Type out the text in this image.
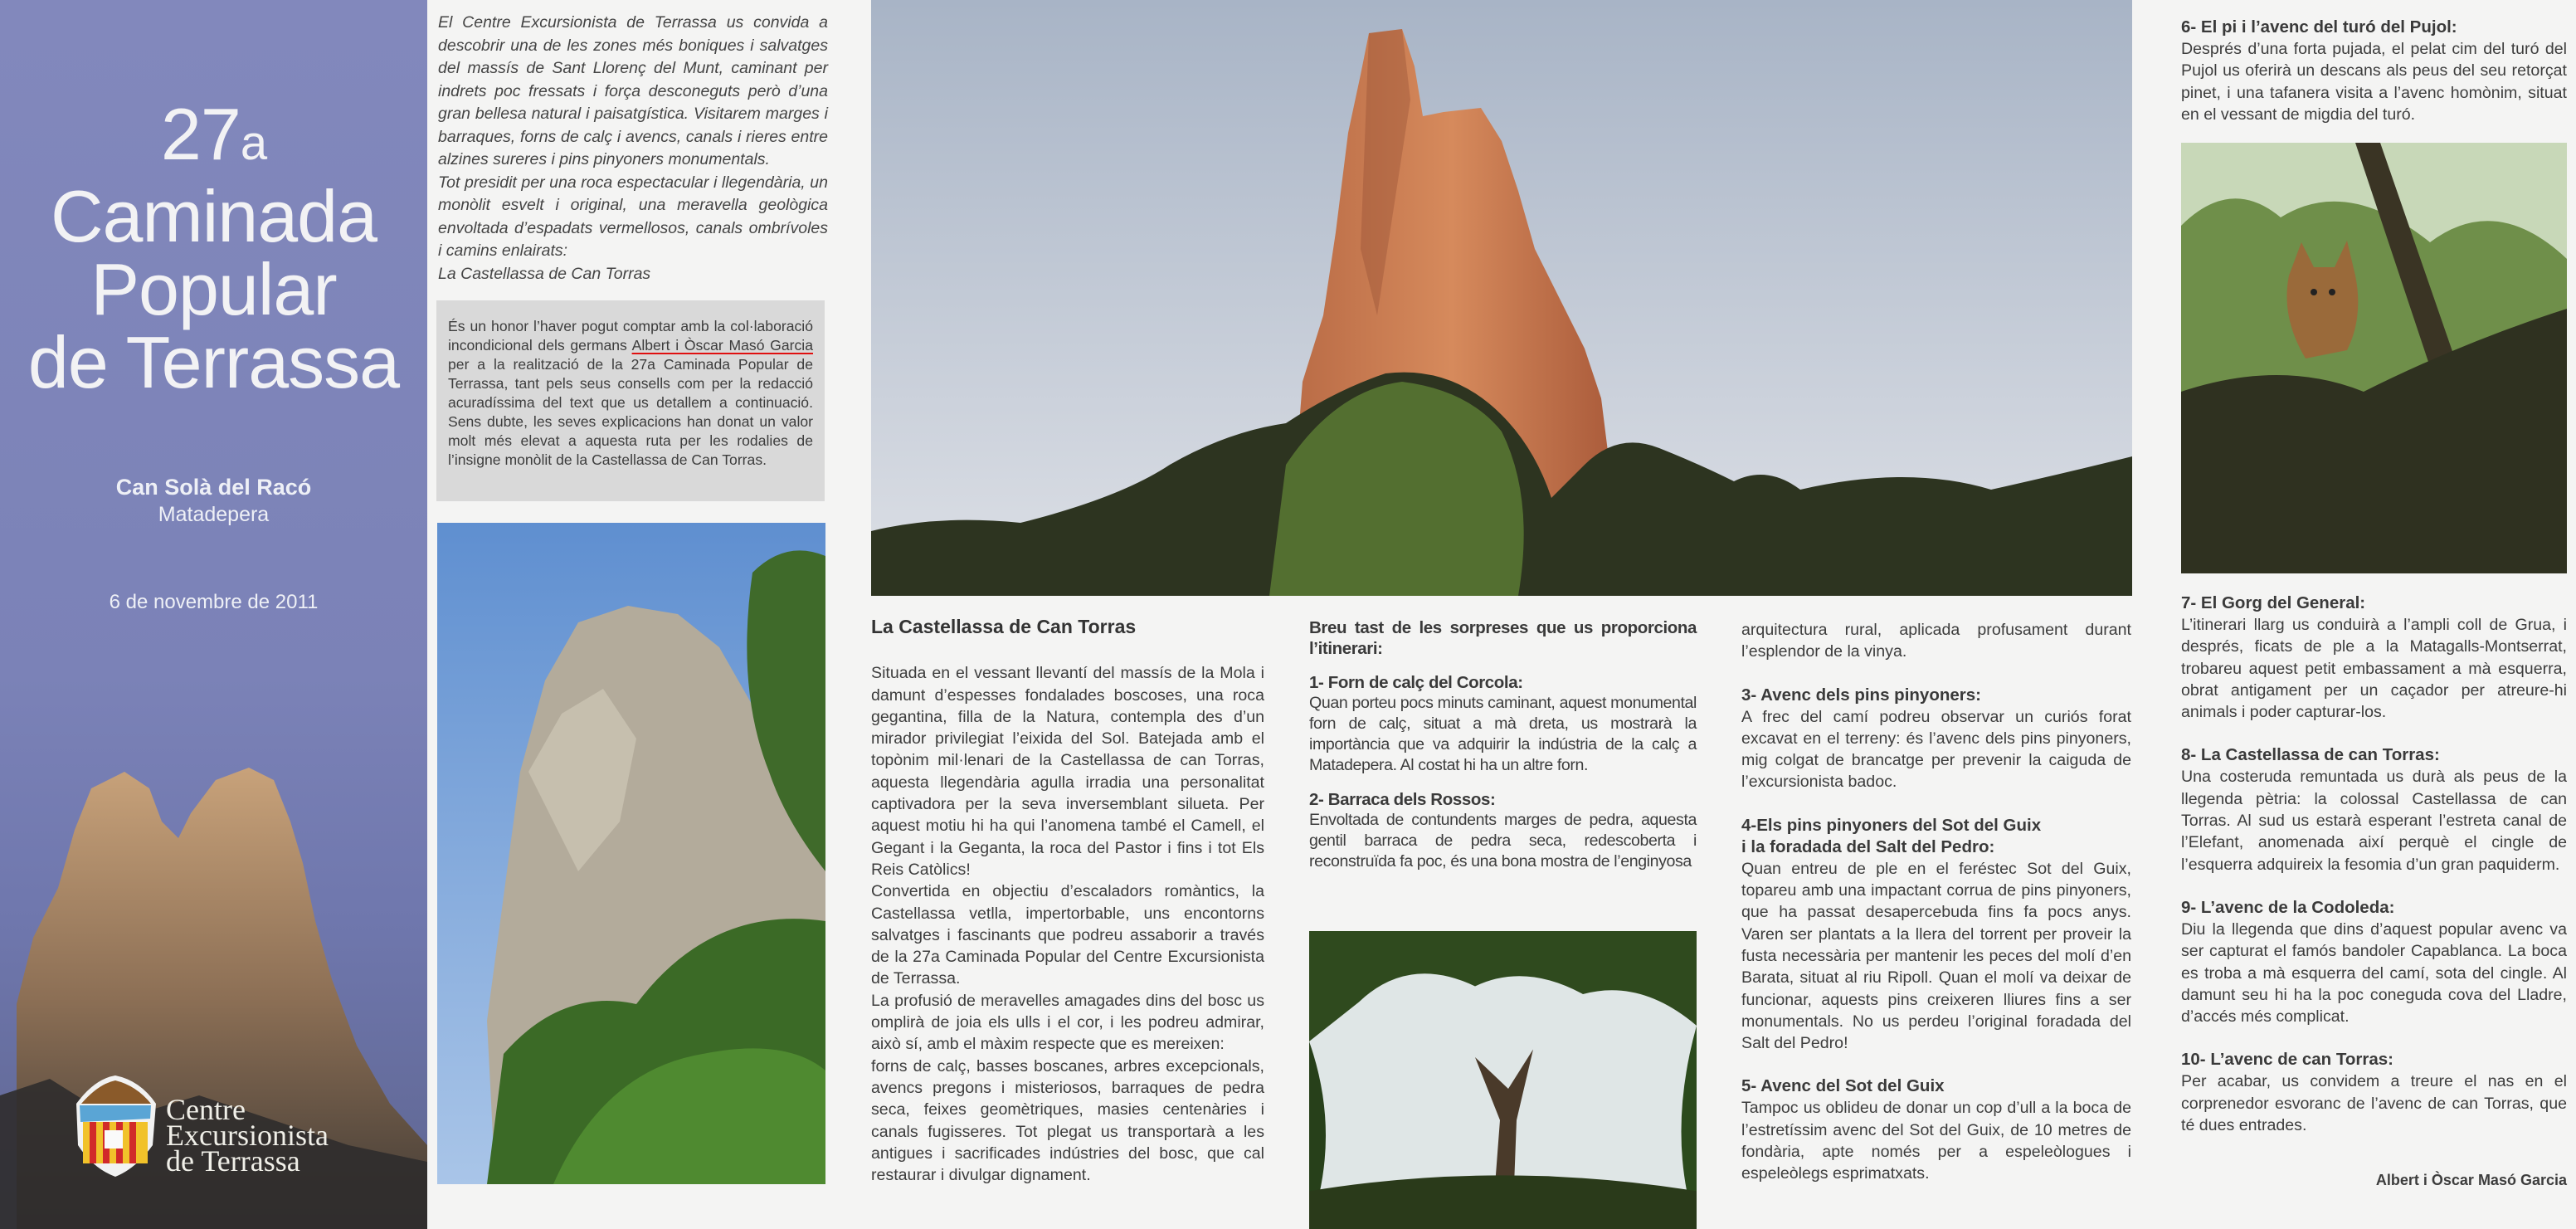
27a
Caminada
Popular
de Terrassa
Can Solà del Racó
Matadepera
6 de novembre de 2011
Centre
Excursionista
de Terrassa

El Centre Excursionista de Terrassa us convida a descobrir una de les zones més boniques i salvatges del massís de Sant Llorenç del Munt, caminant per indrets poc fressats i força desconeguts però d’una gran bellesa natural i paisatgística. Visitarem marges i barraques, forns de calç i avencs, canals i rieres entre alzines sureres i pins pinyoners monumentals.

Tot presidit per una roca espectacular i llegendària, un monòlit esvelt i original, una meravella geològica envoltada d’espadats vermellosos, canals ombrívoles i camins enlairats:

La Castellassa de Can Torras

És un honor l’haver pogut comptar amb la col·laboració incondicional dels germans Albert i Òscar Masó Garcia per a la realització de la 27a Caminada Popular de Terrassa, tant pels seus consells com per la redacció acuradíssima del text que us detallem a continuació. Sens dubte, les seves explicacions han donat un valor molt més elevat a aquesta ruta per les rodalies de l’insigne monòlit de la Castellassa de Can Torras.
La Castellassa de Can Torras

Situada en el vessant llevantí del massís de la Mola i damunt d’espesses fondalades boscoses, una roca gegantina, filla de la Natura, contempla des d’un mirador privilegiat l’eixida del Sol. Batejada amb el topònim mil·lenari de la Castellassa de can Torras, aquesta llegendària agulla irradia una personalitat captivadora per la seva inversemblant silueta. Per aquest motiu hi ha qui l’anomena també el Camell, el Gegant i la Geganta, la roca del Pastor i fins i tot Els Reis Catòlics!

Convertida en objectiu d’escaladors romàntics, la Castellassa vetlla, impertorbable, uns encontorns salvatges i fascinants que podreu assaborir a través de la 27a Caminada Popular del Centre Excursionista de Terrassa.

La profusió de meravelles amagades dins del bosc us omplirà de joia els ulls i el cor, i les podreu admirar, això sí, amb el màxim respecte que es mereixen:

forns de calç, basses boscanes, arbres excepcionals, avencs pregons i misteriosos, barraques de pedra seca, feixes geomètriques, masies centenàries i canals fugisseres. Tot plegat us transportarà a les antigues i sacrificades indústries del bosc, que cal restaurar i divulgar dignament.

Breu tast de les sorpreses que us proporciona l’itinerari:
1- Forn de calç del Corcola:

Quan porteu pocs minuts caminant, aquest monumental forn de calç, situat a mà dreta, us mostrarà la importància que va adquirir la indústria de la calç a Matadepera. Al costat hi ha un altre forn.

2- Barraca dels Rossos:

Envoltada de contundents marges de pedra, aquesta gentil barraca de pedra seca, redescoberta i reconstruïda fa poc, és una bona mostra de l’enginyosa

arquitectura rural, aplicada profusament durant l’esplendor de la vinya.

3- Avenc dels pins pinyoners:

A frec del camí podreu observar un curiós forat excavat en el terreny: és l’avenc dels pins pinyoners, mig colgat de brancatge per prevenir la caiguda de l’excursionista badoc.

4-Els pins pinyoners del Sot del Guix
i la foradada del Salt del Pedro:

Quan entreu de ple en el feréstec Sot del Guix, topareu amb una impactant corrua de pins pinyoners, que ha passat desapercebuda fins fa pocs anys. Varen ser plantats a la llera del torrent per proveir la fusta necessària per mantenir les peces del molí d’en Barata, situat al riu Ripoll. Quan el molí va deixar de funcionar, aquests pins creixeren lliures fins a ser monumentals. No us perdeu l’original foradada del Salt del Pedro!

5- Avenc del Sot del Guix

Tampoc us oblideu de donar un cop d’ull a la boca de l’estretíssim avenc del Sot del Guix, de 10 metres de fondària, apte només per a espeleòlogues i espeleòlegs esprimatxats.

6- El pi i l’avenc del turó del Pujol:

Després d’una forta pujada, el pelat cim del turó del Pujol us oferirà un descans als peus del seu retorçat pinet, i una tafanera visita a l’avenc homònim, situat en el vessant de migdia del turó.

7- El Gorg del General:

L’itinerari llarg us conduirà a l’ampli coll de Grua, i després, ficats de ple a la Matagalls-Montserrat, trobareu aquest petit embassament a mà esquerra, obrat antigament per un caçador per atreure-hi animals i poder capturar-los.

8- La Castellassa de can Torras:

Una costeruda remuntada us durà als peus de la llegenda pètria: la colossal Castellassa de can Torras. Al sud us estarà esperant l’estreta canal de l’Elefant, anomenada així perquè el cingle de l’esquerra adquireix la fesomia d’un gran paquiderm.

9- L’avenc de la Codoleda:

Diu la llegenda que dins d’aquest popular avenc va ser capturat el famós bandoler Capablanca. La boca es troba a mà esquerra del camí, sota del cingle. Al damunt seu hi ha la poc coneguda cova del Lladre, d’accés més complicat.

10- L’avenc de can Torras:

Per acabar, us convidem a treure el nas en el corprenedor esvoranc de l’avenc de can Torras, que té dues entrades.

Albert i Òscar Masó Garcia
